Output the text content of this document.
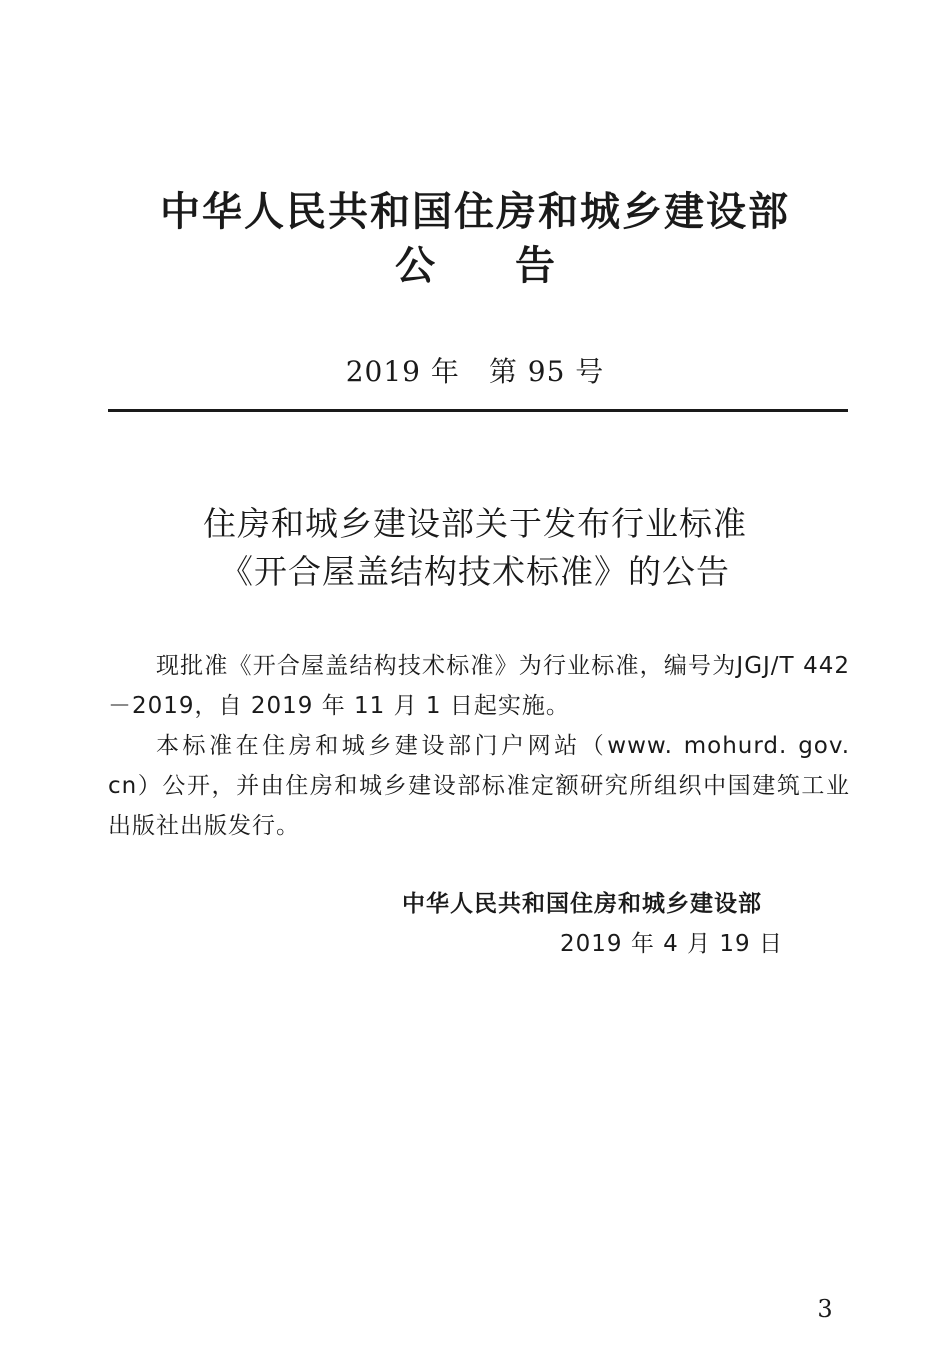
中华人民共和国住房和城乡建设部
公 告
2019 年　第 95 号
住房和城乡建设部关于发布行业标准
《开合屋盖结构技术标准》的公告

现批准《开合屋盖结构技术标准》为行业标准，编号为JGJ/T 442－2019，自 2019 年 11 月 1 日起实施。

本标准在住房和城乡建设部门户网站（www. mohurd. gov. cn）公开，并由住房和城乡建设部标准定额研究所组织中国建筑工业出版社出版发行。

中华人民共和国住房和城乡建设部
2019 年 4 月 19 日
3
